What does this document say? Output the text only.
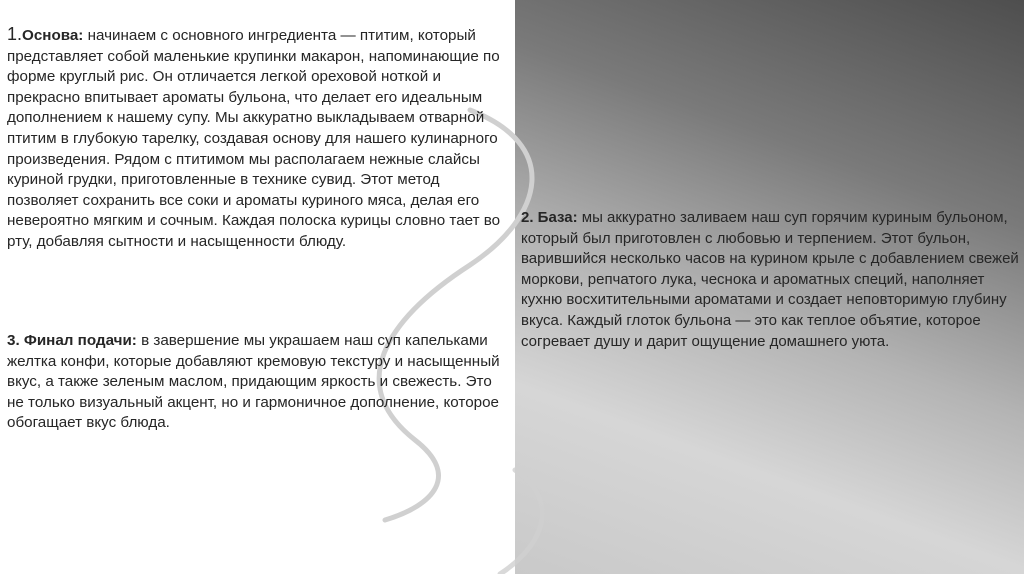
1.Основа: начинаем с основного ингредиента — птитим, который представляет собой маленькие крупинки макарон, напоминающие по форме круглый рис. Он отличается легкой ореховой ноткой и прекрасно впитывает ароматы бульона, что делает его идеальным дополнением к нашему супу. Мы аккуратно выкладываем отварной птитим в глубокую тарелку, создавая основу для нашего кулинарного произведения. Рядом с птитимом мы располагаем нежные слайсы куриной грудки, приготовленные в технике сувид. Этот метод позволяет сохранить все соки и ароматы куриного мяса, делая его невероятно мягким и сочным. Каждая полоска курицы словно тает во рту, добавляя сытности и насыщенности блюду.
3. Финал подачи: в завершение мы украшаем наш суп капельками желтка конфи, которые добавляют кремовую текстуру и насыщенный вкус, а также зеленым маслом, придающим яркость и свежесть. Это не только визуальный акцент, но и гармоничное дополнение, которое обогащает вкус блюда.
2. База: мы аккуратно заливаем наш суп горячим куриным бульоном, который был приготовлен с любовью и терпением. Этот бульон, варившийся несколько часов на курином крыле с добавлением свежей моркови, репчатого лука, чеснока и ароматных специй, наполняет кухню восхитительными ароматами и создает неповторимую глубину вкуса. Каждый глоток бульона — это как теплое объятие, которое согревает душу и дарит ощущение домашнего уюта.
